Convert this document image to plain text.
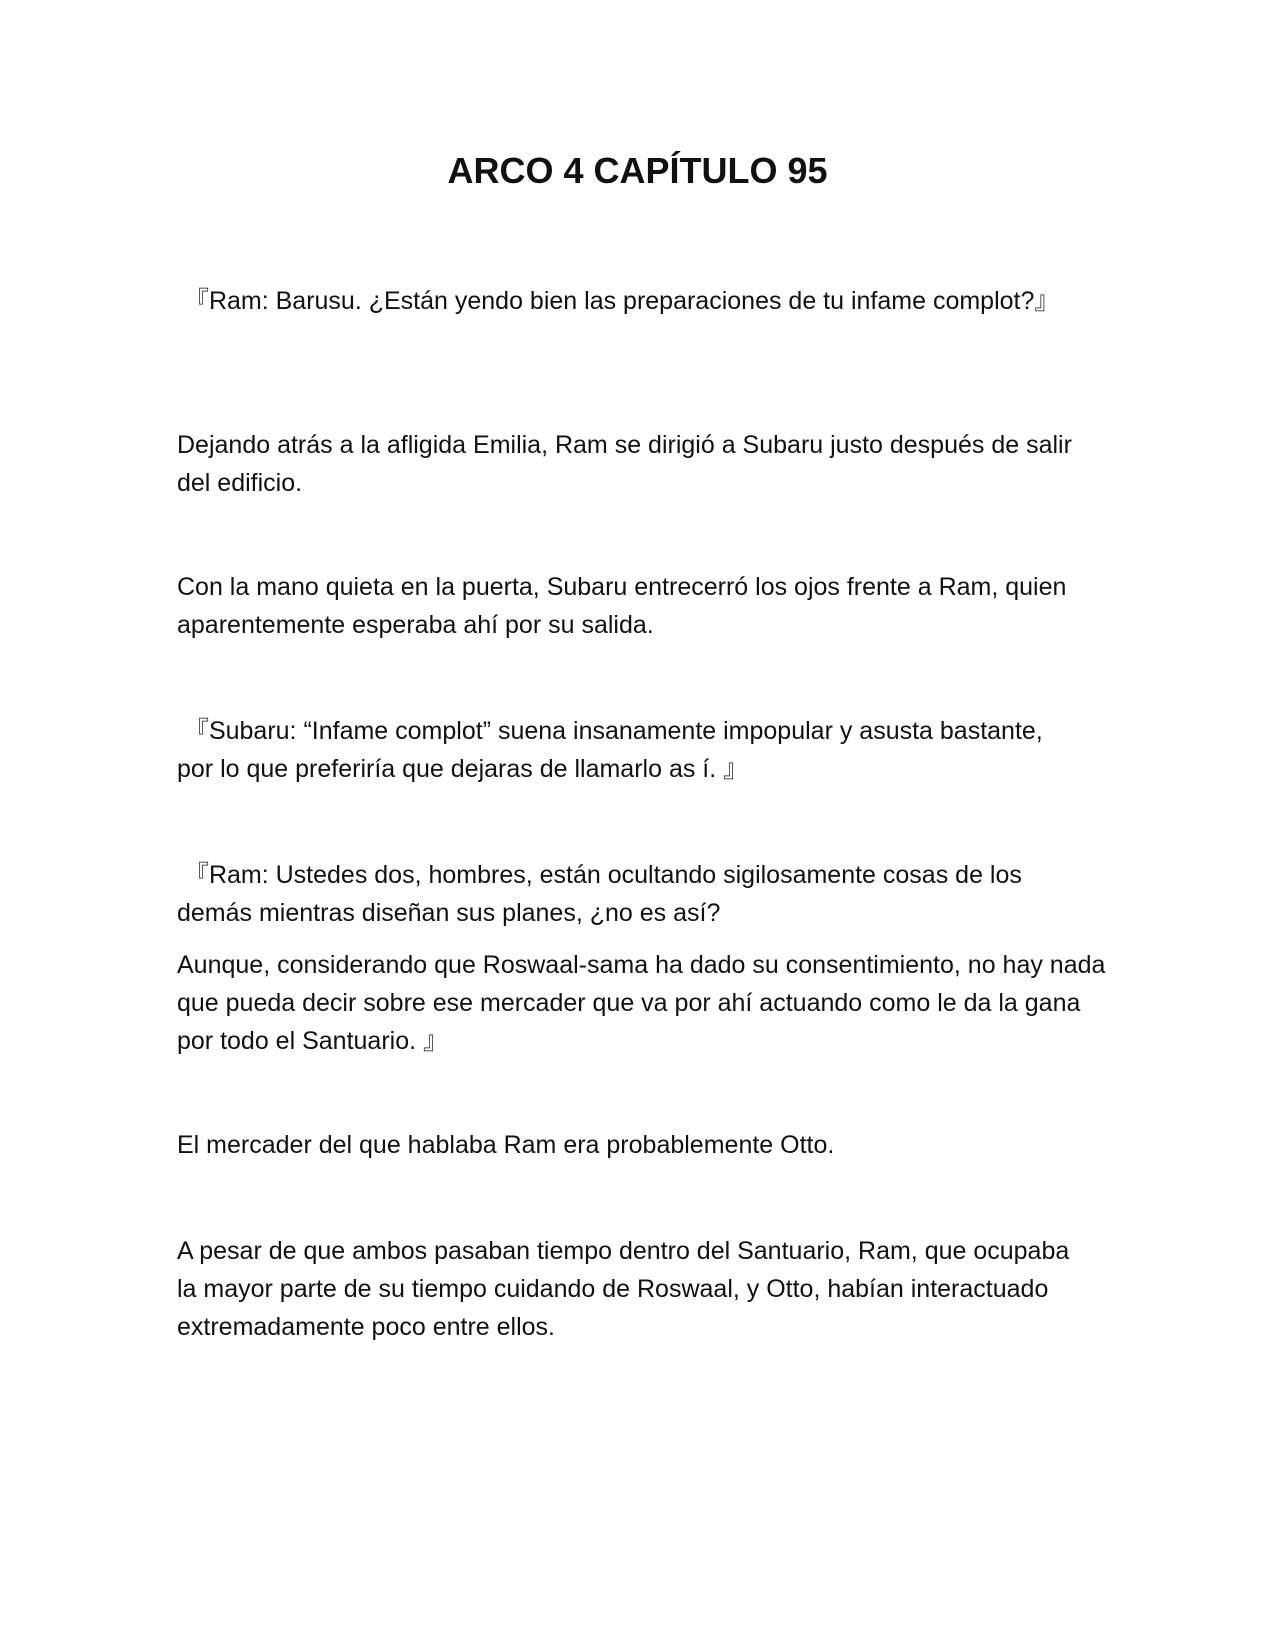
ARCO 4 CAPÍTULO 95

『Ram: Barusu. ¿Están yendo bien las preparaciones de tu infame complot?』

Dejando atrás a la afligida Emilia, Ram se dirigió a Subaru justo después de salir del edificio.

Con la mano quieta en la puerta, Subaru entrecerró los ojos frente a Ram, quien aparentemente esperaba ahí por su salida.

『Subaru: “Infame complot” suena insanamente impopular y asusta bastante, por lo que preferiría que dejaras de llamarlo as í. 』

『Ram: Ustedes dos, hombres, están ocultando sigilosamente cosas de los demás mientras diseñan sus planes, ¿no es así?

Aunque, considerando que Roswaal-sama ha dado su consentimiento, no hay nada que pueda decir sobre ese mercader que va por ahí actuando como le da la gana por todo el Santuario. 』

El mercader del que hablaba Ram era probablemente Otto.

A pesar de que ambos pasaban tiempo dentro del Santuario, Ram, que ocupaba la mayor parte de su tiempo cuidando de Roswaal, y Otto, habían interactuado extremadamente poco entre ellos.
